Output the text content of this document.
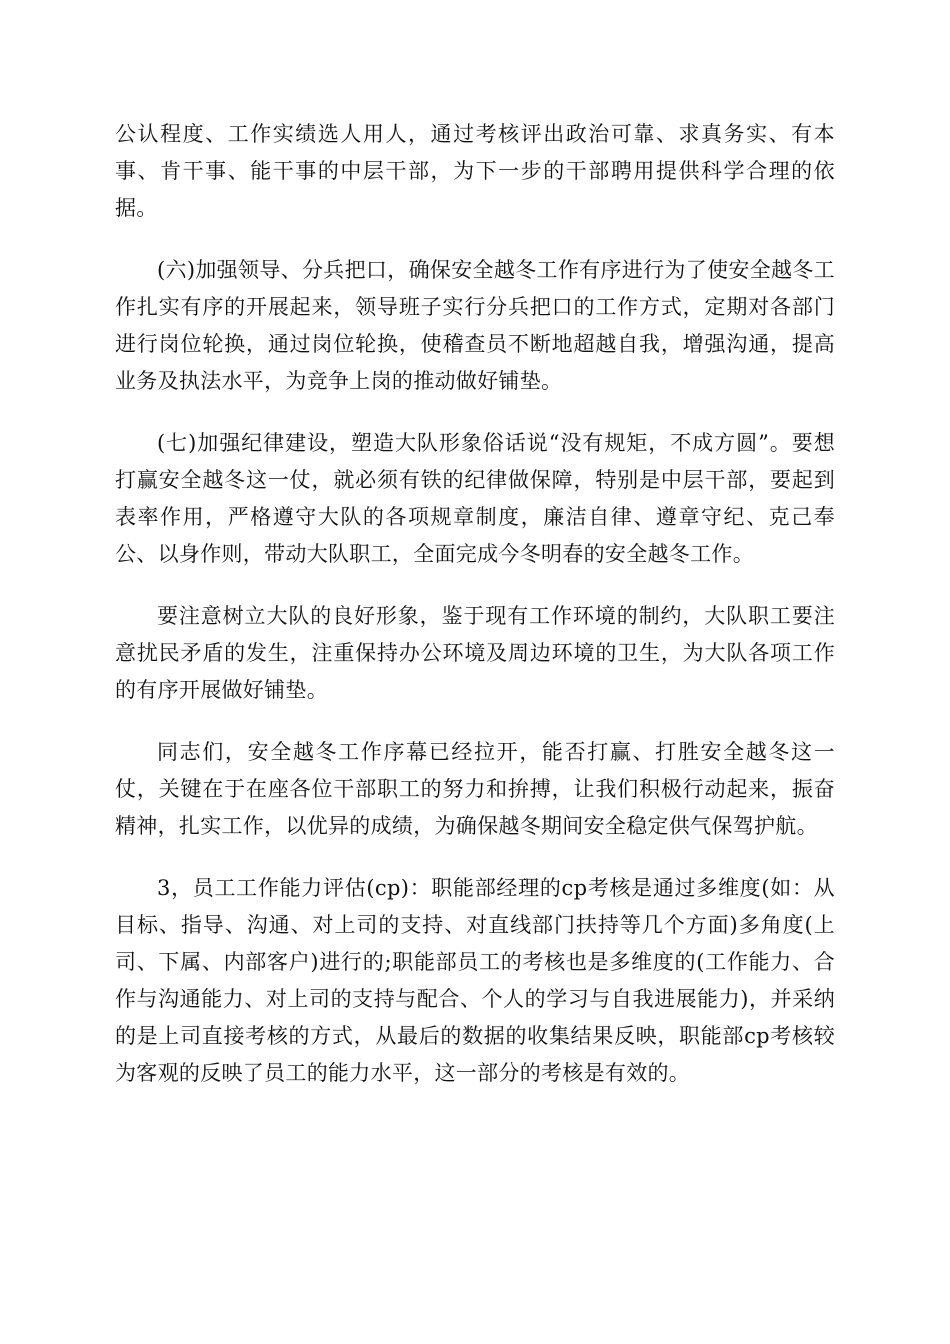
公认程度、工作实绩选人用人，通过考核评出政治可靠、求真务实、有本事、肯干事、能干事的中层干部，为下一步的干部聘用提供科学合理的依据。

(六)加强领导、分兵把口，确保安全越冬工作有序进行为了使安全越冬工作扎实有序的开展起来，领导班子实行分兵把口的工作方式，定期对各部门进行岗位轮换，通过岗位轮换，使稽查员不断地超越自我，增强沟通，提高业务及执法水平，为竞争上岗的推动做好铺垫。

(七)加强纪律建设，塑造大队形象俗话说“没有规矩，不成方圆”。要想打赢安全越冬这一仗，就必须有铁的纪律做保障，特别是中层干部，要起到表率作用，严格遵守大队的各项规章制度，廉洁自律、遵章守纪、克己奉公、以身作则，带动大队职工，全面完成今冬明春的安全越冬工作。

要注意树立大队的良好形象，鉴于现有工作环境的制约，大队职工要注意扰民矛盾的发生，注重保持办公环境及周边环境的卫生，为大队各项工作的有序开展做好铺垫。

同志们，安全越冬工作序幕已经拉开，能否打赢、打胜安全越冬这一仗，关键在于在座各位干部职工的努力和拚搏，让我们积极行动起来，振奋精神，扎实工作，以优异的成绩，为确保越冬期间安全稳定供气保驾护航。

3，员工工作能力评估(cp)：职能部经理的cp考核是通过多维度(如：从目标、指导、沟通、对上司的支持、对直线部门扶持等几个方面)多角度(上司、下属、内部客户)进行的;职能部员工的考核也是多维度的(工作能力、合作与沟通能力、对上司的支持与配合、个人的学习与自我进展能力)，并采纳的是上司直接考核的方式，从最后的数据的收集结果反映，职能部cp考核较为客观的反映了员工的能力水平，这一部分的考核是有效的。
